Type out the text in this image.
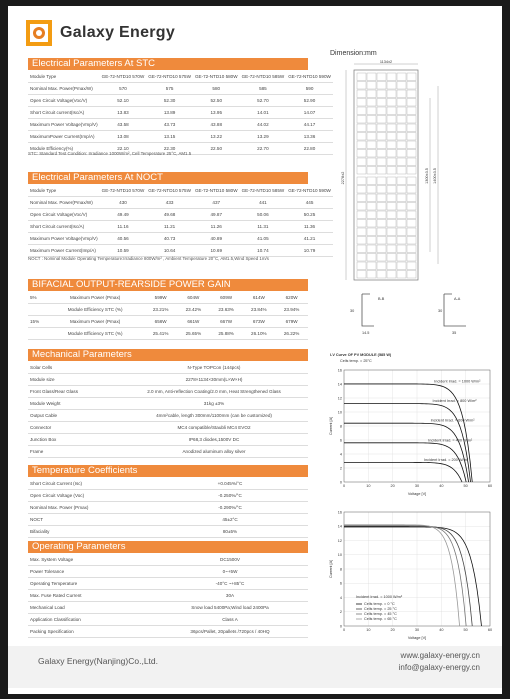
Galaxy Energy
Electrical Parameters At STC
Module Type	GE-72-NTD10 570W	GE-72-NTD10 575W	GE-72-NTD10 580W	GE-72-NTD10 585W	GE-72-NTD10 590W
Nominal Max. Power(Pmax/W)	570	575	580	585	590
Open Circuit Voltage(Voc/V)	52.10	52.30	52.50	52.70	52.90
Short Circuit current(Isc/A)	13.83	13.89	13.95	14.01	14.07
Maximum Power Voltage(Vmp/V)	43.58	43.73	43.88	44.02	44.17
MaximumPower Current(Imp/A)	13.08	13.15	13.22	13.29	13.36
Module Efficiency(%)	22.10	22.30	22.50	22.70	22.80
STC: Standard Test Condition: Irradiance 1000W/m², Cell Temperature 25°C, AM1.5
Electrical Parameters At NOCT
Module Type	GE-72-NTD10 570W	GE-72-NTD10 575W	GE-72-NTD10 580W	GE-72-NTD10 585W	GE-72-NTD10 590W
Nominal Max. Power(Pmax/W)	430	433	437	441	445
Open Circuit Voltage(Voc/V)	49.49	49.68	49.87	50.06	50.25
Short Circuit current(Isc/A)	11.16	11.21	11.26	11.31	11.36
Maximum Power Voltage(Vmp/V)	40.56	40.73	40.89	41.05	41.21
Maximum Power Current(Imp/A)	10.59	10.64	10.69	10.74	10.79
NOCT : Nominal Module Operating Temperature:Irradiance 800W/m² , Ambient Temperature 20°C, AM1.5,Wind Speed 1m/s
BIFACIAL OUTPUT-REARSIDE POWER GAIN
5%	Maximum Power (Pmax)	599W	604W	609W	614W	620W
	Module Efficiency STC (%)	23.21%	23.42%	23.63%	23.84%	23.94%
15%	Maximum Power (Pmax)	656W	661W	667W	673W	679W
	Module Efficiency STC (%)	25.41%	25.65%	25.88%	26.10%	26.22%
Mechanical Parameters
Solar Cells	N-Type TOPCon (144pcs)
Module size	2278×1134×30mm(L×W×H)
Front Glass/Rear Glass	2.0 mm, Anti-reflection Coating/2.0 mm, Heat Strengthened Glass
Module Weight	31kg ±3%
Output Cable	4mm²cable, length 300mm/1100mm (can be customized)
Connector	MC4 compatible/Staubli MC4 EVO2
Junction Box	IP68,3 diodes,1500V DC
Frame	Anodized aluminum alloy silver
Temperature Coefficients
Short Circuit Current (Isc)	+0.045%/°C
Open Circuit Voltage (Voc)	-0.250%/°C
Nominal Max. Power (Pmax)	-0.290%/°C
NOCT	45±2°C
Bifaciality	80±5%
Operating Parameters
Max. System Voltage	DC1500V
Power Tolerance	0~+5W
Operating Temperature	-40°C ~+85°C
Max. Fuse Rated Current	30A
Mechanical Load	Snow load 5400Pa;Wind load 2400Pa
Application Classification	Class A
Packing Specification	36pcs/Pallet, 20pallets /720pcs / 40HQ
Dimension:mm
1134±2
2278±2	1300±3.5 1400±3.5
B-B
30
14.5
A-A
30
35
I-V Curve OF PV MODULE (585 W)
Cells temp. = 25°C
0
2
4
6
8
10
12
14
16
0	10	20	30	40	50	60
Voltage [V]
Current [A]
Incident Irrad. = 1000 W/m²
Incident Irrad. = 800 W/m²
Incident Irrad. = 600 W/m²
Incident Irrad. = 400 W/m²
Incident Irrad. = 200 W/m²
0
2
4
6
8
10
12
14
16
0	10	20	30	40	50	60
Voltage [V]
Current [A]
Incident Irrad. = 1000 W/m²
Cells temp. = 0 °C
Cells temp. = 25 °C
Cells temp. = 45 °C
Cells temp. = 65 °C
Galaxy Energy(Nanjing)Co.,Ltd.
www.galaxy-energy.cn
info@galaxy-energy.cn
